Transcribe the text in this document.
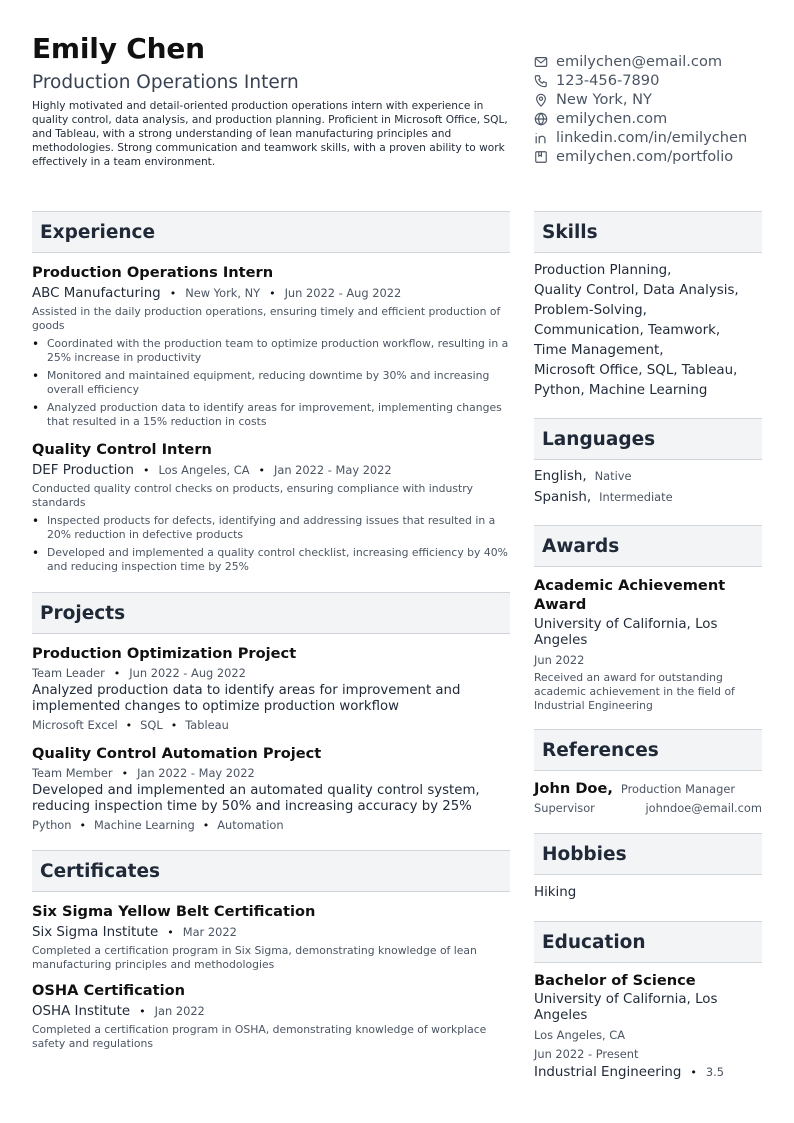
Emily Chen
Production Operations Intern
Highly motivated and detail-oriented production operations intern with experience in quality control, data analysis, and production planning. Proficient in Microsoft Office, SQL, and Tableau, with a strong understanding of lean manufacturing principles and methodologies. Strong communication and teamwork skills, with a proven ability to work effectively in a team environment.
emilychen@email.com
123-456-7890
New York, NY
emilychen.com
linkedin.com/in/emilychen
emilychen.com/portfolio
Experience
Production Operations Intern
ABC Manufacturing • New York, NY • Jun 2022 - Aug 2022
Assisted in the daily production operations, ensuring timely and efficient production of goods
• Coordinated with the production team to optimize production workflow, resulting in a 25% increase in productivity
• Monitored and maintained equipment, reducing downtime by 30% and increasing overall efficiency
• Analyzed production data to identify areas for improvement, implementing changes that resulted in a 15% reduction in costs
Quality Control Intern
DEF Production • Los Angeles, CA • Jan 2022 - May 2022
Conducted quality control checks on products, ensuring compliance with industry standards
• Inspected products for defects, identifying and addressing issues that resulted in a 20% reduction in defective products
• Developed and implemented a quality control checklist, increasing efficiency by 40% and reducing inspection time by 25%
Projects
Production Optimization Project
Team Leader • Jun 2022 - Aug 2022
Analyzed production data to identify areas for improvement and implemented changes to optimize production workflow
Microsoft Excel • SQL • Tableau
Quality Control Automation Project
Team Member • Jan 2022 - May 2022
Developed and implemented an automated quality control system, reducing inspection time by 50% and increasing accuracy by 25%
Python • Machine Learning • Automation
Certificates
Six Sigma Yellow Belt Certification
Six Sigma Institute • Mar 2022
Completed a certification program in Six Sigma, demonstrating knowledge of lean manufacturing principles and methodologies
OSHA Certification
OSHA Institute • Jan 2022
Completed a certification program in OSHA, demonstrating knowledge of workplace safety and regulations
Skills
Production Planning,
Quality Control, Data Analysis,
Problem-Solving,
Communication, Teamwork,
Time Management,
Microsoft Office, SQL, Tableau,
Python, Machine Learning
Languages
English, Native
Spanish, Intermediate
Awards
Academic Achievement Award
University of California, Los Angeles
Jun 2022
Received an award for outstanding academic achievement in the field of Industrial Engineering
References
John Doe, Production Manager
Supervisor	johndoe@email.com
Hobbies
Hiking
Education
Bachelor of Science
University of California, Los Angeles
Los Angeles, CA
Jun 2022 - Present
Industrial Engineering • 3.5
